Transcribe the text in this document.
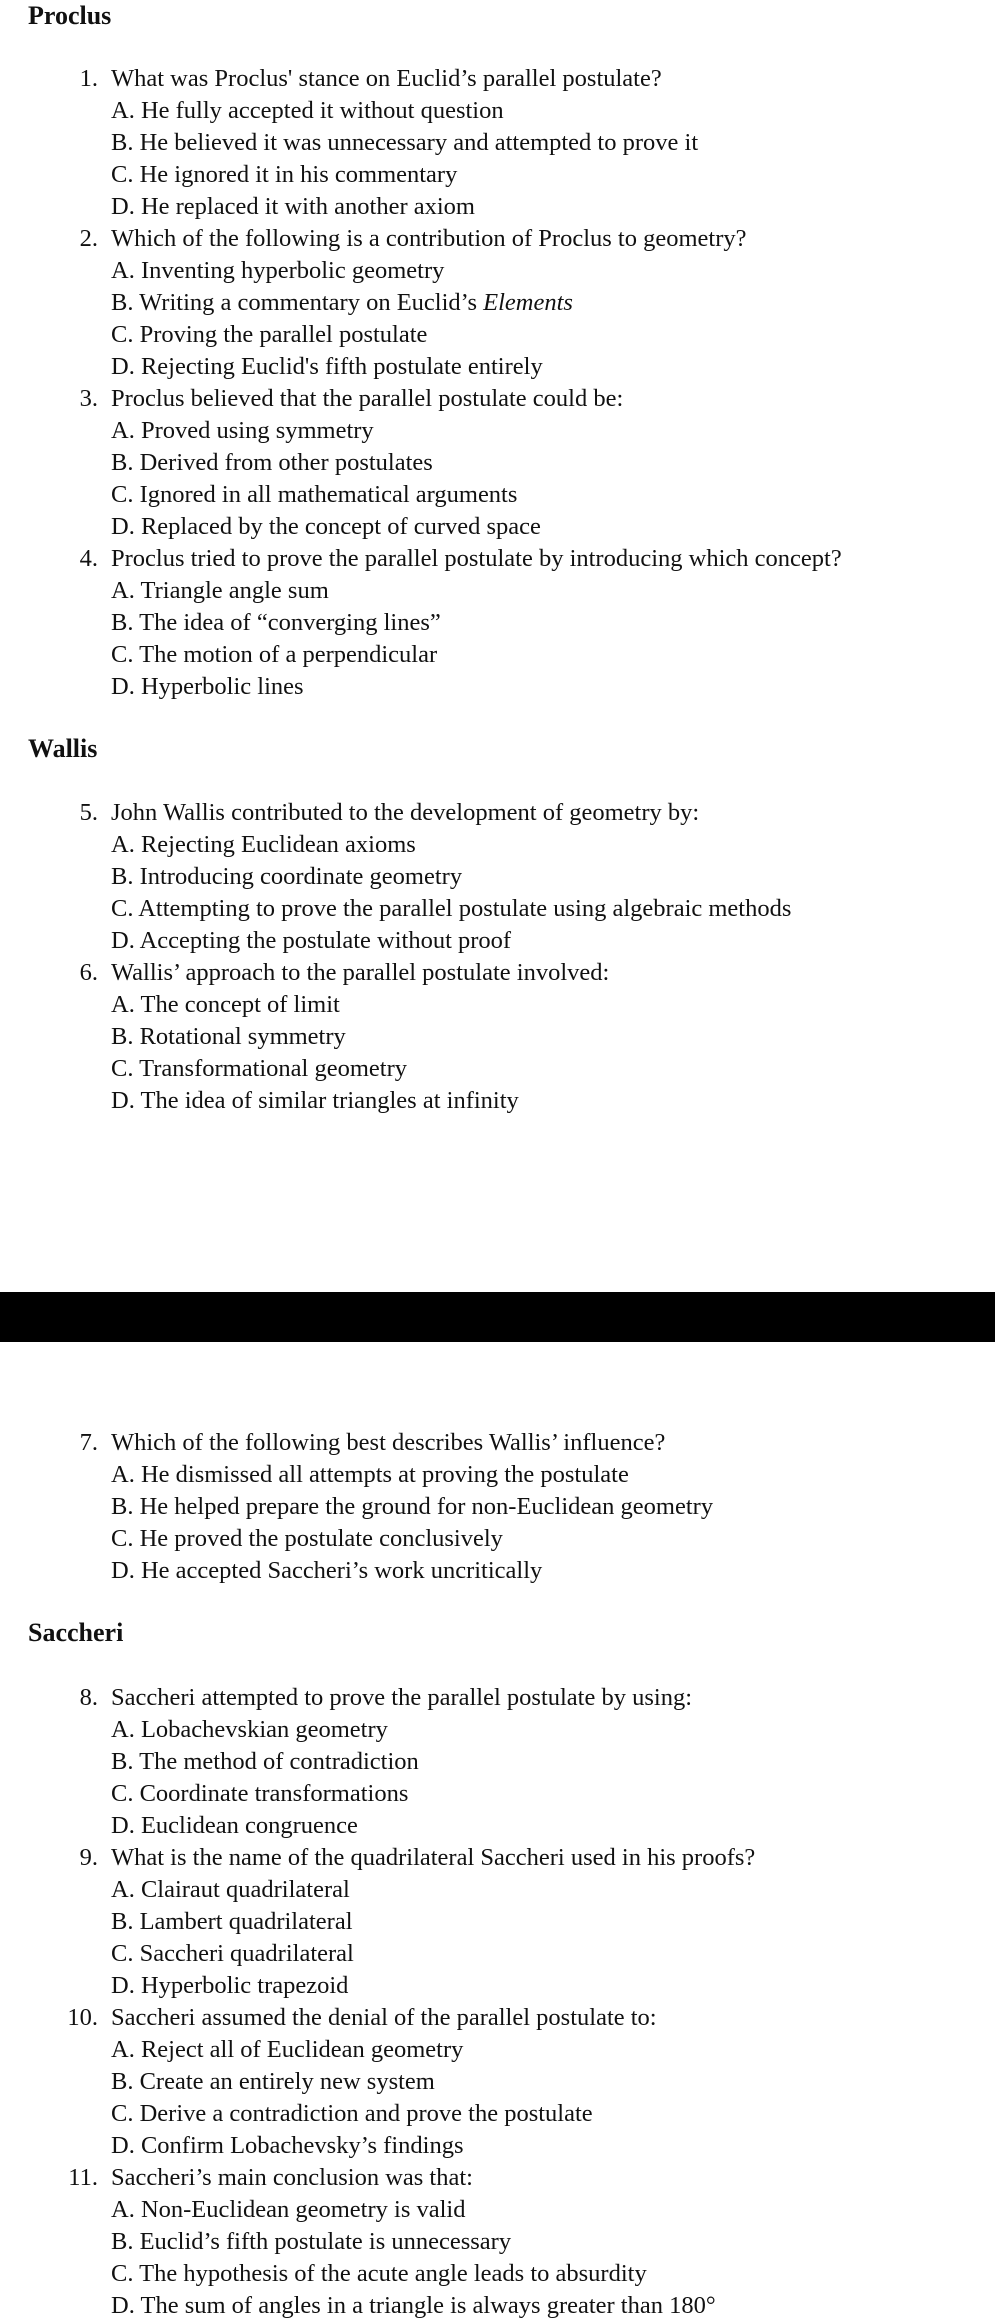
Proclus
1. What was Proclus' stance on Euclid’s parallel postulate?
A. He fully accepted it without question
B. He believed it was unnecessary and attempted to prove it
C. He ignored it in his commentary
D. He replaced it with another axiom
2. Which of the following is a contribution of Proclus to geometry?
A. Inventing hyperbolic geometry
B. Writing a commentary on Euclid’s Elements
C. Proving the parallel postulate
D. Rejecting Euclid's fifth postulate entirely
3. Proclus believed that the parallel postulate could be:
A. Proved using symmetry
B. Derived from other postulates
C. Ignored in all mathematical arguments
D. Replaced by the concept of curved space
4. Proclus tried to prove the parallel postulate by introducing which concept?
A. Triangle angle sum
B. The idea of “converging lines”
C. The motion of a perpendicular
D. Hyperbolic lines
Wallis
5. John Wallis contributed to the development of geometry by:
A. Rejecting Euclidean axioms
B. Introducing coordinate geometry
C. Attempting to prove the parallel postulate using algebraic methods
D. Accepting the postulate without proof
6. Wallis’ approach to the parallel postulate involved:
A. The concept of limit
B. Rotational symmetry
C. Transformational geometry
D. The idea of similar triangles at infinity
7. Which of the following best describes Wallis’ influence?
A. He dismissed all attempts at proving the postulate
B. He helped prepare the ground for non-Euclidean geometry
C. He proved the postulate conclusively
D. He accepted Saccheri’s work uncritically
Saccheri
8. Saccheri attempted to prove the parallel postulate by using:
A. Lobachevskian geometry
B. The method of contradiction
C. Coordinate transformations
D. Euclidean congruence
9. What is the name of the quadrilateral Saccheri used in his proofs?
A. Clairaut quadrilateral
B. Lambert quadrilateral
C. Saccheri quadrilateral
D. Hyperbolic trapezoid
10. Saccheri assumed the denial of the parallel postulate to:
A. Reject all of Euclidean geometry
B. Create an entirely new system
C. Derive a contradiction and prove the postulate
D. Confirm Lobachevsky’s findings
11. Saccheri’s main conclusion was that:
A. Non-Euclidean geometry is valid
B. Euclid’s fifth postulate is unnecessary
C. The hypothesis of the acute angle leads to absurdity
D. The sum of angles in a triangle is always greater than 180°
